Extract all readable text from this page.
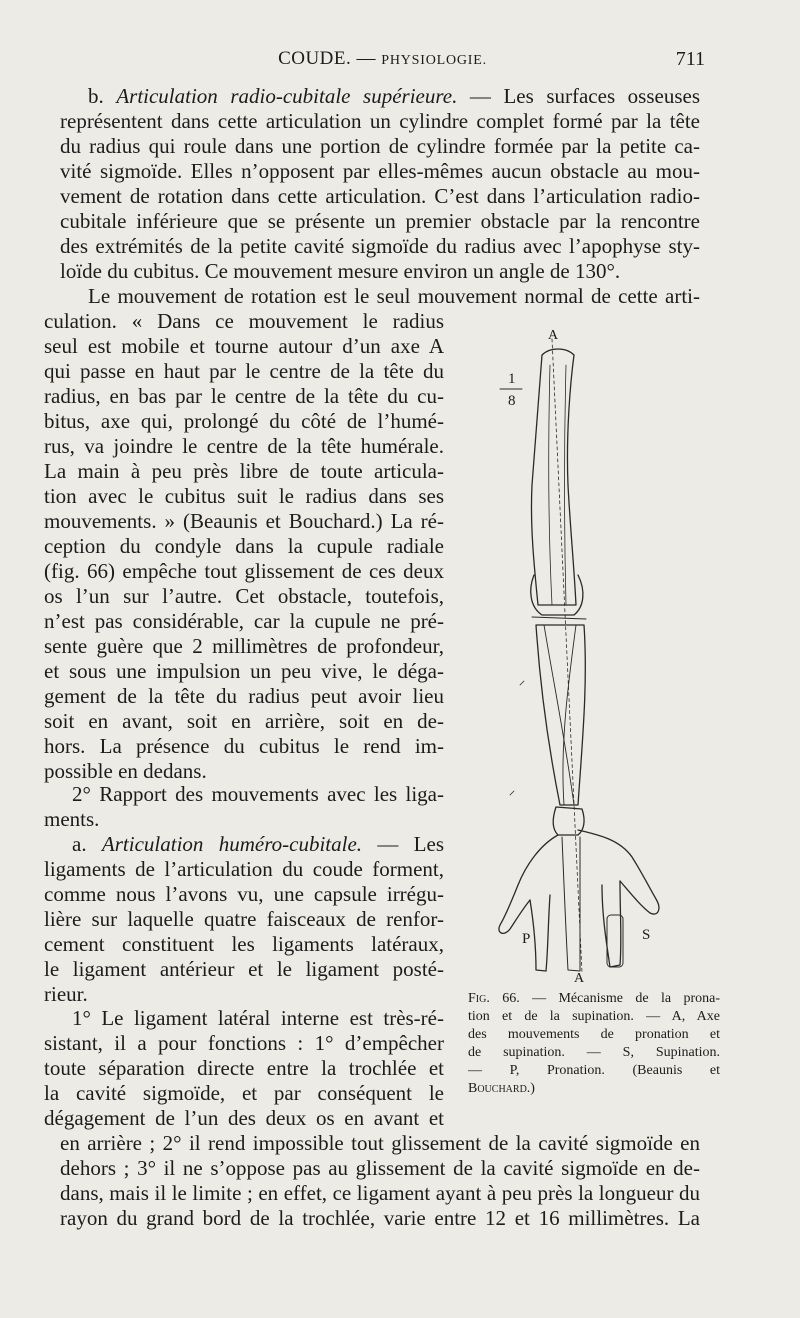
COUDE. — PHYSIOLOGIE.	711
b. Articulation radio-cubitale supérieure. — Les surfaces osseuses
représentent dans cette articulation un cylindre complet formé par la tête
du radius qui roule dans une portion de cylindre formée par la petite ca-
vité sigmoïde. Elles n’opposent par elles-mêmes aucun obstacle au mou-
vement de rotation dans cette articulation. C’est dans l’articulation radio-
cubitale inférieure que se présente un premier obstacle par la rencontre
des extrémités de la petite cavité sigmoïde du radius avec l’apophyse sty-
loïde du cubitus. Ce mouvement mesure environ un angle de 130°.
Le mouvement de rotation est le seul mouvement normal de cette arti-
culation. « Dans ce mouvement le radius
seul est mobile et tourne autour d’un axe A
qui passe en haut par le centre de la tête du
radius, en bas par le centre de la tête du cu-
bitus, axe qui, prolongé du côté de l’humé-
rus, va joindre le centre de la tête humérale.
La main à peu près libre de toute articula-
tion avec le cubitus suit le radius dans ses
mouvements. » (Beaunis et Bouchard.) La ré-
ception du condyle dans la cupule radiale
(fig. 66) empêche tout glissement de ces deux
os l’un sur l’autre. Cet obstacle, toutefois,
n’est pas considérable, car la cupule ne pré-
sente guère que 2 millimètres de profondeur,
et sous une impulsion un peu vive, le déga-
gement de la tête du radius peut avoir lieu
soit en avant, soit en arrière, soit en de-
hors. La présence du cubitus le rend im-
possible en dedans.
2° Rapport des mouvements avec les liga-
ments.
a. Articulation huméro-cubitale. — Les
ligaments de l’articulation du coude forment,
comme nous l’avons vu, une capsule irrégu-
lière sur laquelle quatre faisceaux de renfor-
cement constituent les ligaments latéraux,
le ligament antérieur et le ligament posté-
rieur.
1° Le ligament latéral interne est très-ré-
sistant, il a pour fonctions : 1° d’empêcher
toute séparation directe entre la trochlée et
la cavité sigmoïde, et par conséquent le
dégagement de l’un des deux os en avant et
en arrière ; 2° il rend impossible tout glissement de la cavité sigmoïde en
dehors ; 3° il ne s’oppose pas au glissement de la cavité sigmoïde en de-
dans, mais il le limite ; en effet, ce ligament ayant à peu près la longueur du
rayon du grand bord de la trochlée, varie entre 12 et 16 millimètres. La
A
A
1
8
P	S
Fig. 66. — Mécanisme de la prona-
tion et de la supination. — A, Axe
des mouvements de pronation et
de supination. — S, Supination.
— P, Pronation. (Beaunis et
Bouchard.)
